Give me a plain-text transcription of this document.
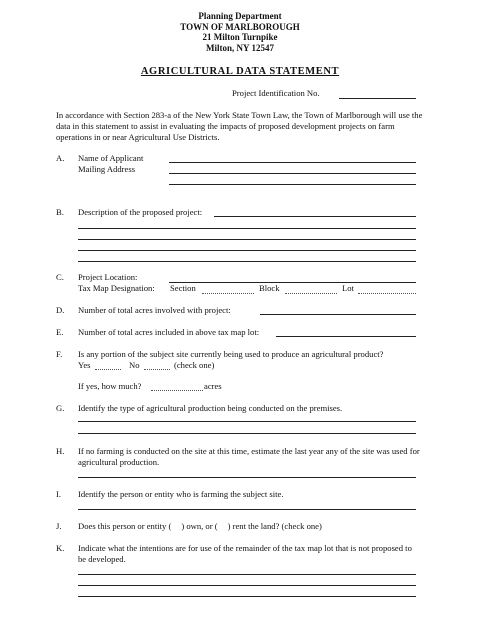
Planning Department
TOWN OF MARLBOROUGH
21 Milton Turnpike
Milton, NY 12547
AGRICULTURAL DATA STATEMENT
Project Identification No.
In accordance with Section 283-a of the New York State Town Law, the Town of Marlborough will use the data in this statement to assist in evaluating the impacts of proposed development projects on farm operations in or near Agricultural Use Districts.
A. Name of Applicant
Mailing Address
B. Description of the proposed project:
C. Project Location:
Tax Map Designation: Section	Block	Lot
D. Number of total acres involved with project:
E. Number of total acres included in above tax map lot:
F. Is any portion of the subject site currently being used to produce an agricultural product?
Yes	No	(check one)
If yes, how much?	acres
G. Identify the type of agricultural production being conducted on the premises.
H. If no farming is conducted on the site at this time, estimate the last year any of the site was used for agricultural production.
I. Identify the person or entity who is farming the subject site.
J. Does this person or entity ( ) own, or ( ) rent the land? (check one)
K. Indicate what the intentions are for use of the remainder of the tax map lot that is not proposed to be developed.
